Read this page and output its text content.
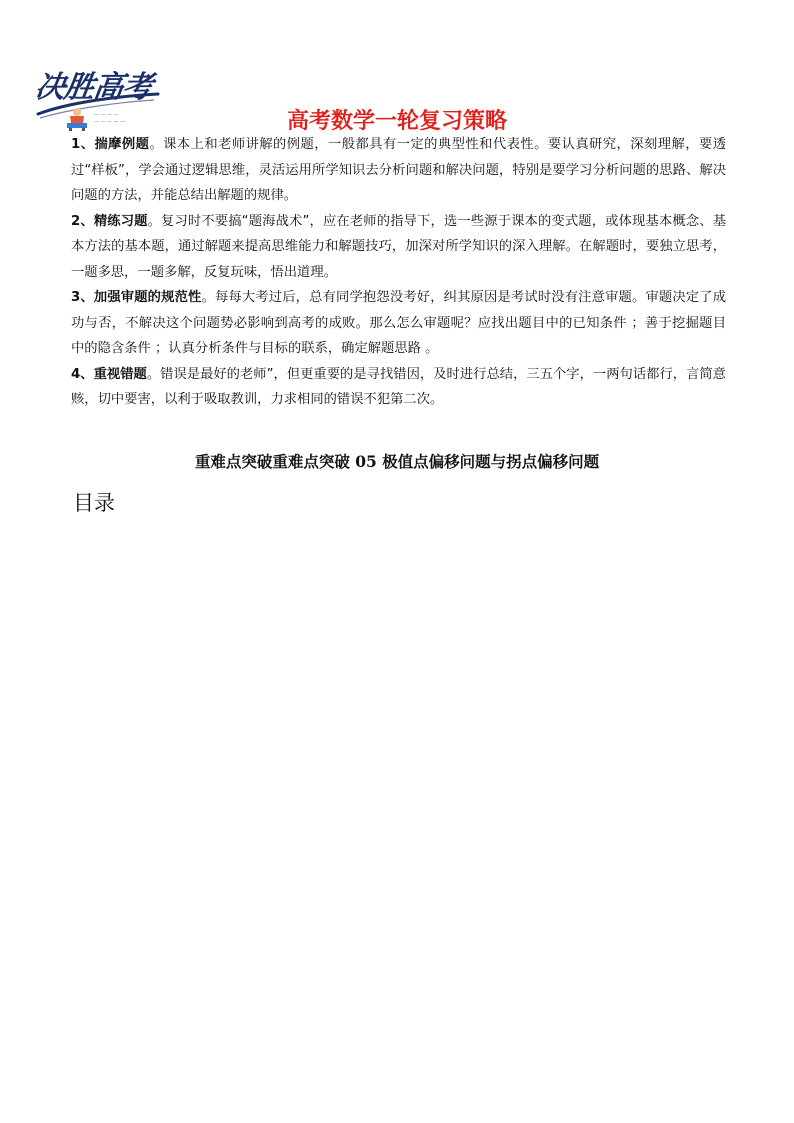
决胜高考
— — — —
— — — — —	高考数学一轮复习策略

1、揣摩例题。课本上和老师讲解的例题，一般都具有一定的典型性和代表性。要认真研究，深刻理解，要透过“样板”，学会通过逻辑思维，灵活运用所学知识去分析问题和解决问题，特别是要学习分析问题的思路、解决问题的方法，并能总结出解题的规律。

2、精练习题。复习时不要搞“题海战术”，应在老师的指导下，选一些源于课本的变式题，或体现基本概念、基本方法的基本题，通过解题来提高思维能力和解题技巧，加深对所学知识的深入理解。在解题时，要独立思考，一题多思，一题多解，反复玩味，悟出道理。

3、加强审题的规范性。每每大考过后，总有同学抱怨没考好，纠其原因是考试时没有注意审题。审题决定了成功与否，不解决这个问题势必影响到高考的成败。那么怎么审题呢？应找出题目中的已知条件 ；善于挖掘题目中的隐含条件 ；认真分析条件与目标的联系，确定解题思路 。

4、重视错题。错误是最好的老师”，但更重要的是寻找错因，及时进行总结，三五个字，一两句话都行，言简意赅，切中要害，以利于吸取教训，力求相同的错误不犯第二次。

重难点突破重难点突破 05 极值点偏移问题与拐点偏移问题
目录
